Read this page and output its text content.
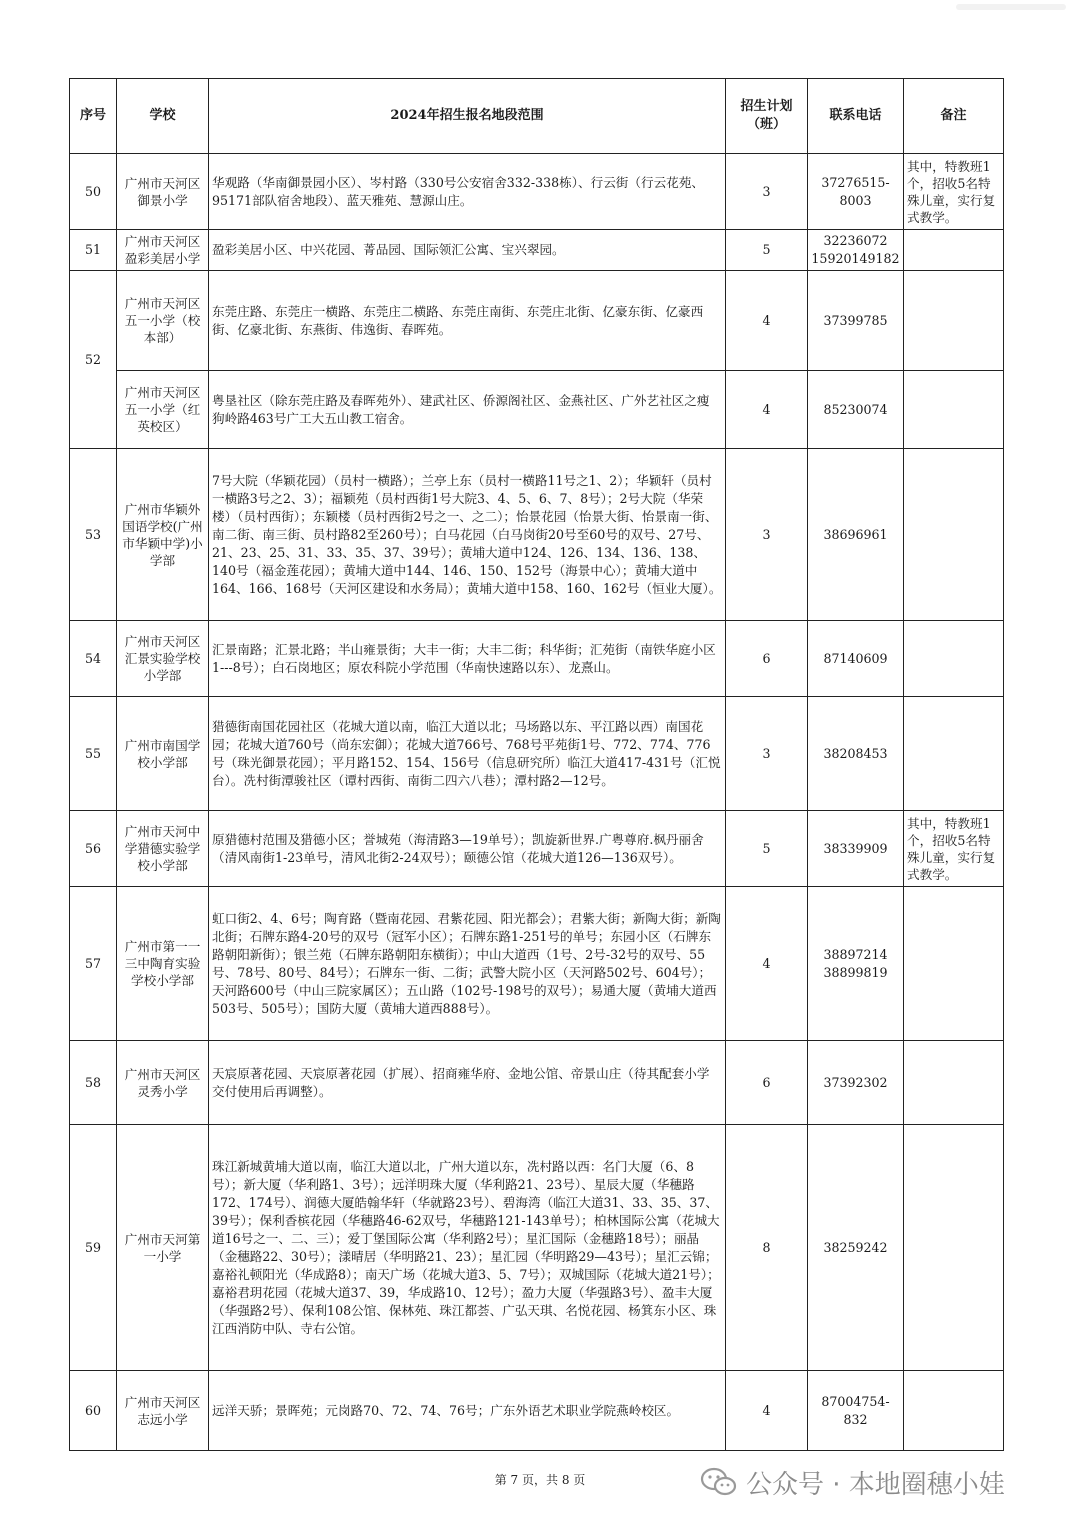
序号	学校	2024年招生报名地段范围	招生计划（班）	联系电话	备注
50	广州市天河区御景小学	华观路（华南御景园小区）、岑村路（330号公安宿舍332-338栋）、行云街（行云花苑、95171部队宿舍地段）、蓝天雅苑、慧源山庄。	3	37276515-8003	其中，特教班1个，招收5名特殊儿童，实行复式教学。
51	广州市天河区盈彩美居小学	盈彩美居小区、中兴花园、菁品园、国际领汇公寓、宝兴翠园。	5	32236072 15920149182	
52	广州市天河区五一小学（校本部）	东莞庄路、东莞庄一横路、东莞庄二横路、东莞庄南街、东莞庄北街、亿豪东街、亿豪西街、亿豪北街、东燕街、伟逸街、春晖苑。	4	37399785	
	广州市天河区五一小学（红英校区）	粤垦社区（除东莞庄路及春晖苑外）、建武社区、侨源阁社区、金燕社区、广外艺社区之瘦狗岭路463号广工大五山教工宿舍。	4	85230074	
53	广州市华颖外国语学校(广州市华颖中学)小学部	7号大院（华颖花园）（员村一横路）；兰亭上东（员村一横路11号之1、2）；华颖轩（员村一横路3号之2、3）；福颖苑（员村西街1号大院3、4、5、6、7、8号）；2号大院（华荣楼）（员村西街）；东颖楼（员村西街2号之一、之二）；怡景花园（怡景大街、怡景南一街、南二街、南三街、员村路82至260号）；白马花园（白马岗街20号至60号的双号、27号、21、23、25、31、33、35、37、39号）；黄埔大道中124、126、134、136、138、140号（福金莲花园）；黄埔大道中144、146、150、152号（海景中心）；黄埔大道中164、166、168号（天河区建设和水务局）；黄埔大道中158、160、162号（恒业大厦）。	3	38696961	
54	广州市天河区汇景实验学校小学部	汇景南路；汇景北路；半山雍景街；大丰一街；大丰二街；科华街；汇苑街（南铁华庭小区1---8号）；白石岗地区；原农科院小学范围（华南快速路以东）、龙熹山。	6	87140609	
55	广州市南国学校小学部	猎德街南国花园社区（花城大道以南，临江大道以北；马场路以东、平江路以西）南国花园；花城大道760号（尚东宏御）；花城大道766号、768号平苑街1号、772、774、776号（珠光御景花园）；平月路152、154、156号（信息研究所）临江大道417-431号（汇悦台）。冼村街潭骏社区（谭村西街、南街二四六八巷）；潭村路2—12号。	3	38208453	
56	广州市天河中学猎德实验学校小学部	原猎德村范围及猎德小区；誉城苑（海清路3—19单号）；凯旋新世界.广粤尊府.枫丹丽舍（清风南街1-23单号，清风北街2-24双号）；颐德公馆（花城大道126—136双号）。	5	38339909	其中，特教班1个，招收5名特殊儿童，实行复式教学。
57	广州市第一一三中陶育实验学校小学部	虹口街2、4、6号；陶育路（暨南花园、君紫花园、阳光都会）；君紫大街；新陶大街；新陶北街；石牌东路4-20号的双号（冠军小区）；石牌东路1-251号的单号；东园小区（石牌东路朝阳新街）；银兰苑（石牌东路朝阳东横街）；中山大道西（1号、2号-32号的双号、55号、78号、80号、84号）；石牌东一街、二街；武警大院小区（天河路502号、604号）；天河路600号（中山三院家属区）；五山路（102号-198号的双号）；易通大厦（黄埔大道西503号、505号）；国防大厦（黄埔大道西888号）。	4	38897214 38899819	
58	广州市天河区灵秀小学	天宸原著花园、天宸原著花园（扩展）、招商雍华府、金地公馆、帝景山庄（待其配套小学交付使用后再调整）。	6	37392302	
59	广州市天河第一小学	珠江新城黄埔大道以南，临江大道以北，广州大道以东，冼村路以西：名门大厦（6、8号）；新大厦（华利路1、3号）；远洋明珠大厦（华利路21、23号）、星辰大厦（华穗路172、174号）、润德大厦皓翰华轩（华就路23号）、碧海湾（临江大道31、33、35、37、39号）；保利香槟花园（华穗路46-62双号，华穗路121-143单号）；柏林国际公寓（花城大道16号之一、二、三）；爱丁堡国际公寓（华利路2号）；星汇国际（金穗路18号）；丽晶（金穗路22、30号）；漾晴居（华明路21、23）；星汇园（华明路29—43号）；星汇云锦；嘉裕礼顿阳光（华成路8）；南天广场（花城大道3、5、7号）；双城国际（花城大道21号）；嘉裕君玥花园（花城大道37、39，华成路10、12号）；盈力大厦（华强路3号）、盈丰大厦（华强路2号）、保利108公馆、保林苑、珠江都荟、广弘天琪、名悦花园、杨箕东小区、珠江西消防中队、寺右公馆。	8	38259242	
60	广州市天河区志远小学	远洋天骄；景晖苑；元岗路70、72、74、76号；广东外语艺术职业学院燕岭校区。	4	87004754-832	
第 7 页，共 8 页	公众号 · 本地圈穗小娃
